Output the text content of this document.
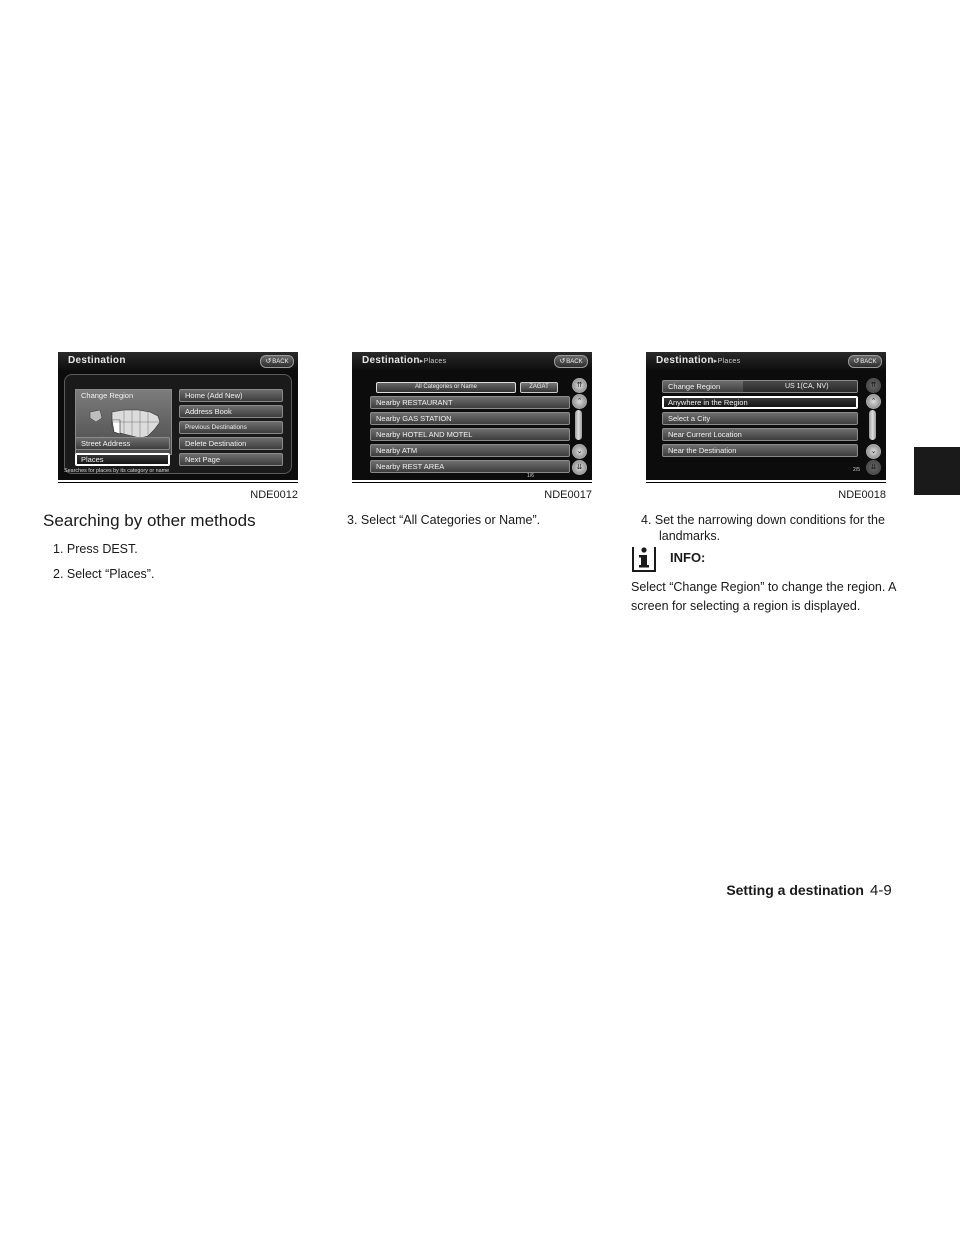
Destination	↺BACK
Change Region
Street Address
Places
Home (Add New)
Address Book
Previous Destinations
Delete Destination
Next Page
Searches for places by its category or name
NDE0012
Destination▸Places	↺BACK
All Categories or Name	ZAGAT
Nearby RESTAURANT
Nearby GAS STATION
Nearby HOTEL AND MOTEL
Nearby ATM
Nearby REST AREA
⇈
⌃
⌄
⇊
1/6
NDE0017
Destination▸Places	↺BACK
Change Region	US 1(CA, NV)
Anywhere in the Region
Select a City
Near Current Location
Near the Destination
⇈
⌃
⌄
⇊
2/5
NDE0018
Searching by other methods
1. Press DEST.
2. Select “Places”.
3. Select “All Categories or Name”.	4. Set the narrowing down conditions for the
landmarks.
INFO:
Select “Change Region” to change the region. A
screen for selecting a region is displayed.
Setting a destination 4-9
